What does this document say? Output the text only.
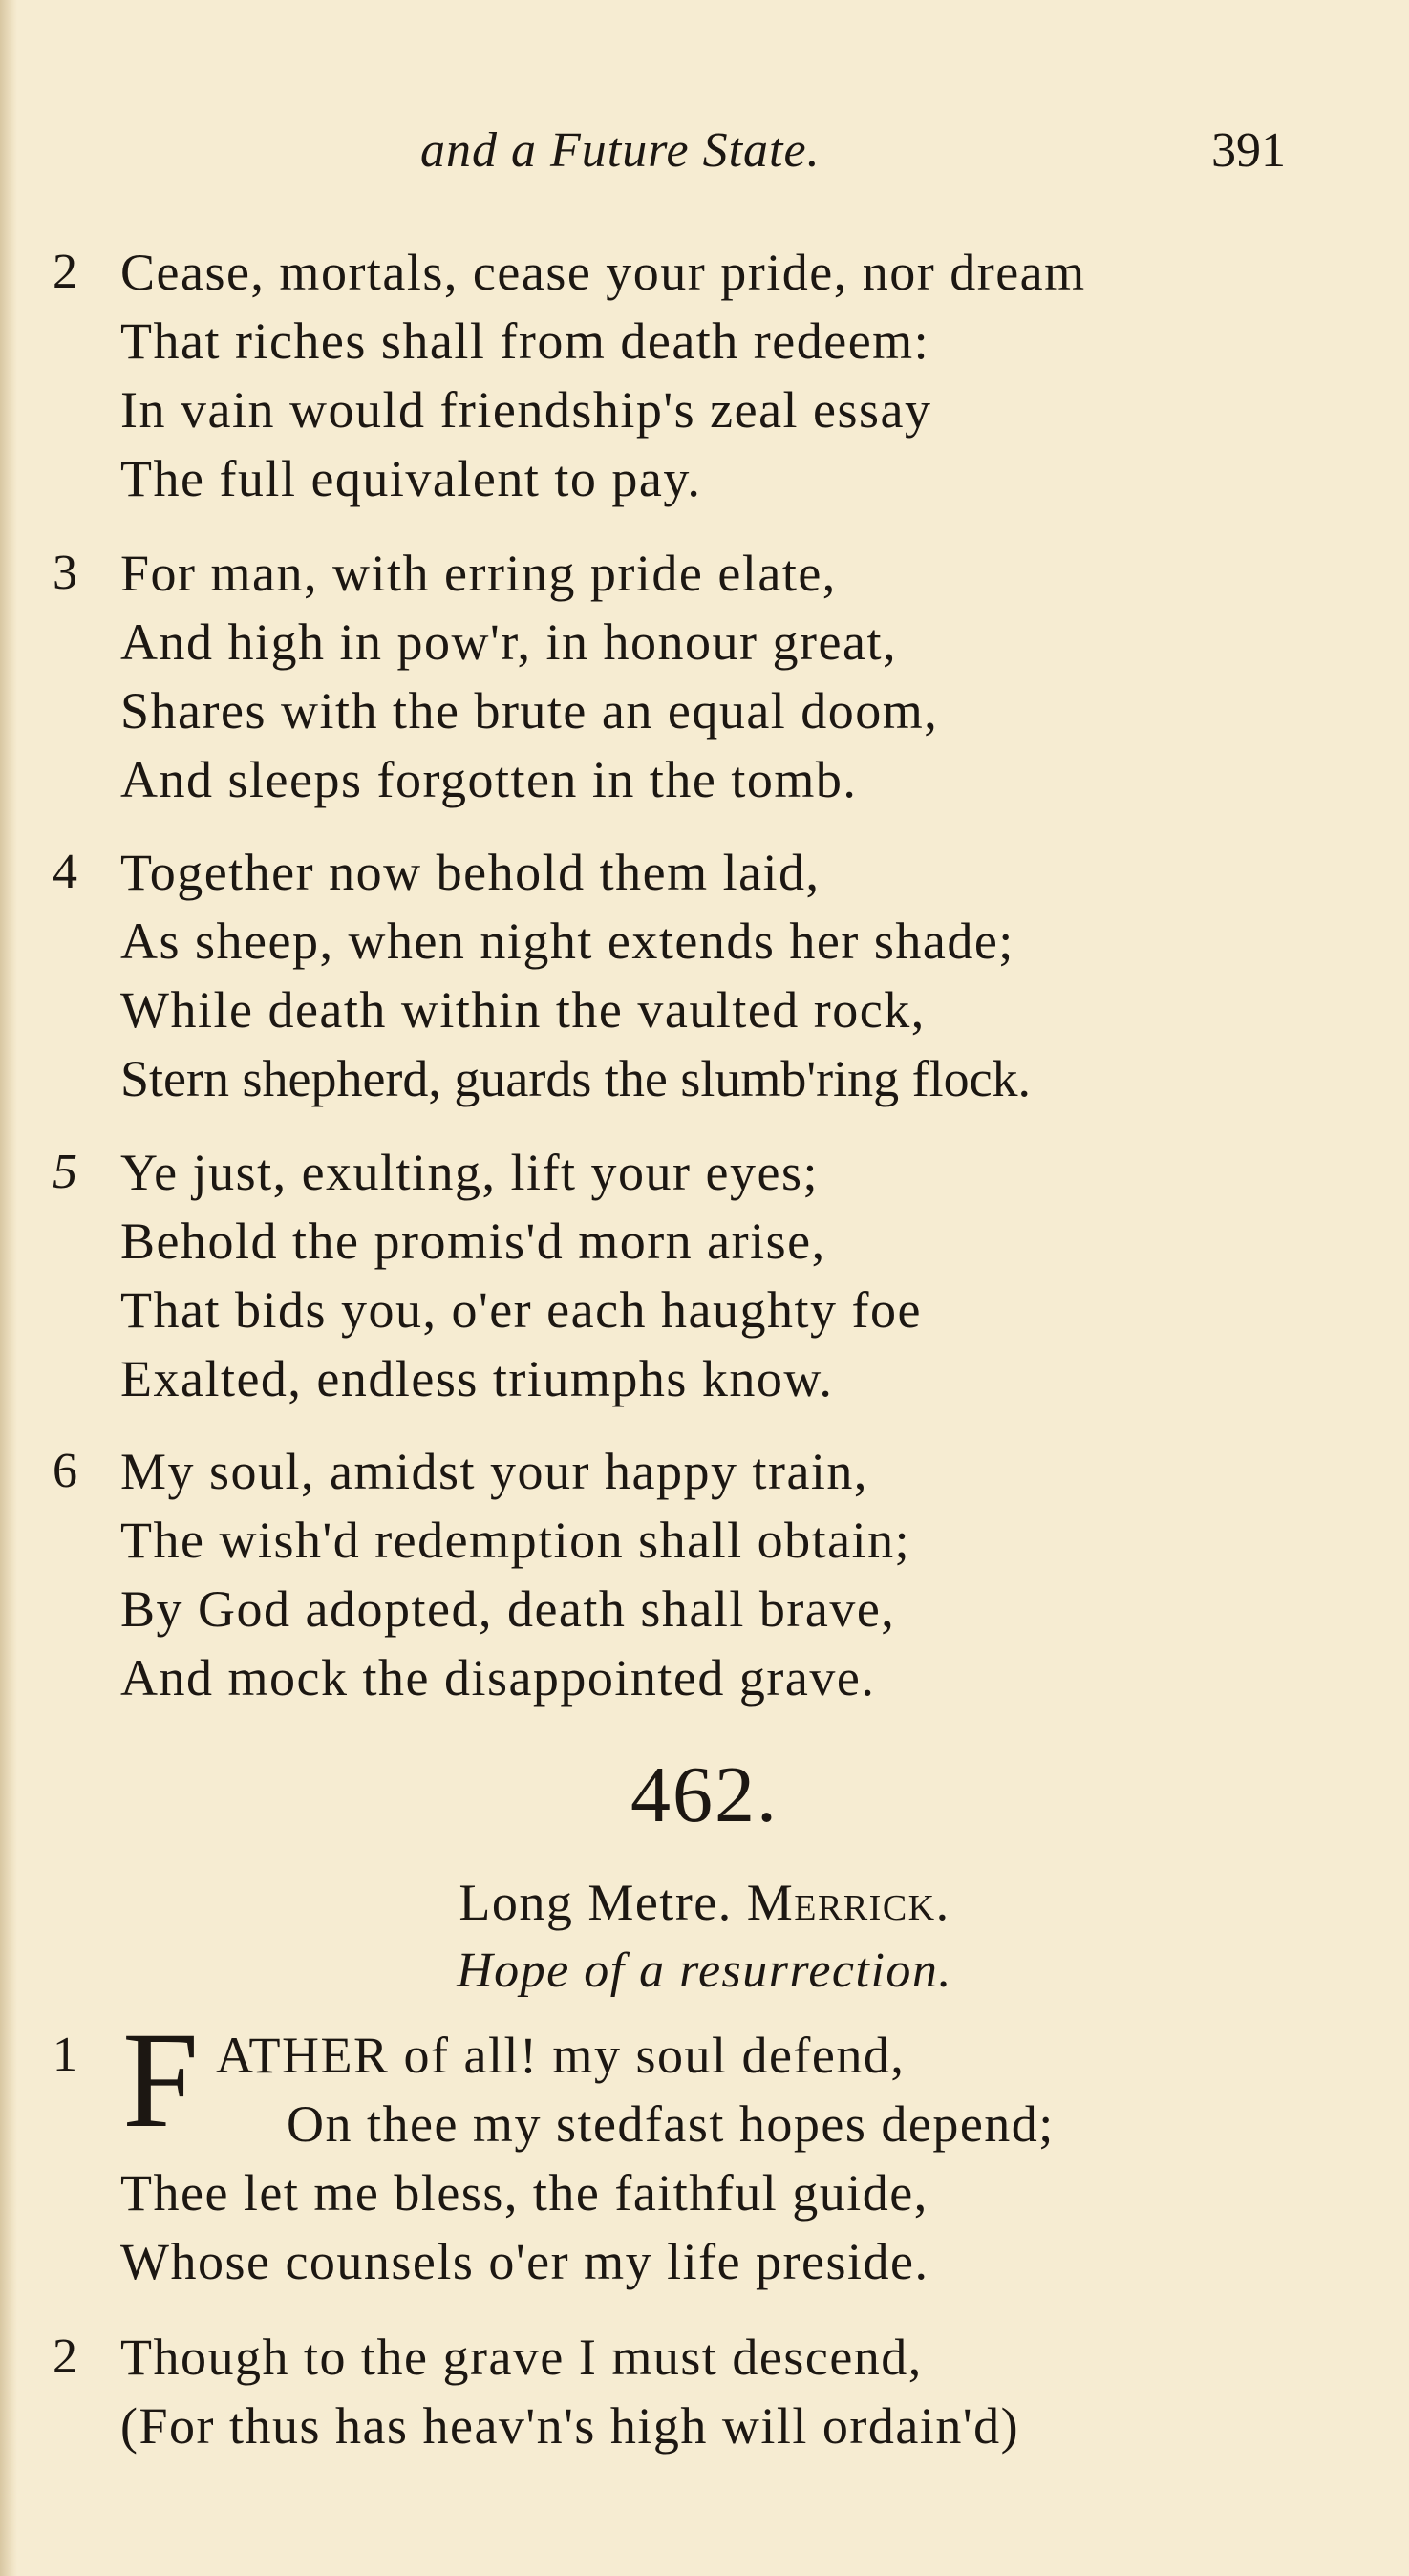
and a Future State.	391
2 Cease, mortals, cease your pride, nor dream
That riches shall from death redeem:
In vain would friendship's zeal essay
The full equivalent to pay.
3 For man, with erring pride elate,
And high in pow'r, in honour great,
Shares with the brute an equal doom,
And sleeps forgotten in the tomb.
4 Together now behold them laid,
As sheep, when night extends her shade;
While death within the vaulted rock,
Stern shepherd, guards the slumb'ring flock.
5 Ye just, exulting, lift your eyes;
Behold the promis'd morn arise,
That bids you, o'er each haughty foe
Exalted, endless triumphs know.
6 My soul, amidst your happy train,
The wish'd redemption shall obtain;
By God adopted, death shall brave,
And mock the disappointed grave.
462.
Long Metre. Merrick.
Hope of a resurrection.
1	ATHER of all! my soul defend,
On thee my stedfast hopes depend;
Thee let me bless, the faithful guide,
Whose counsels o'er my life preside.
F
2 Though to the grave I must descend,
(For thus has heav'n's high will ordain'd)
